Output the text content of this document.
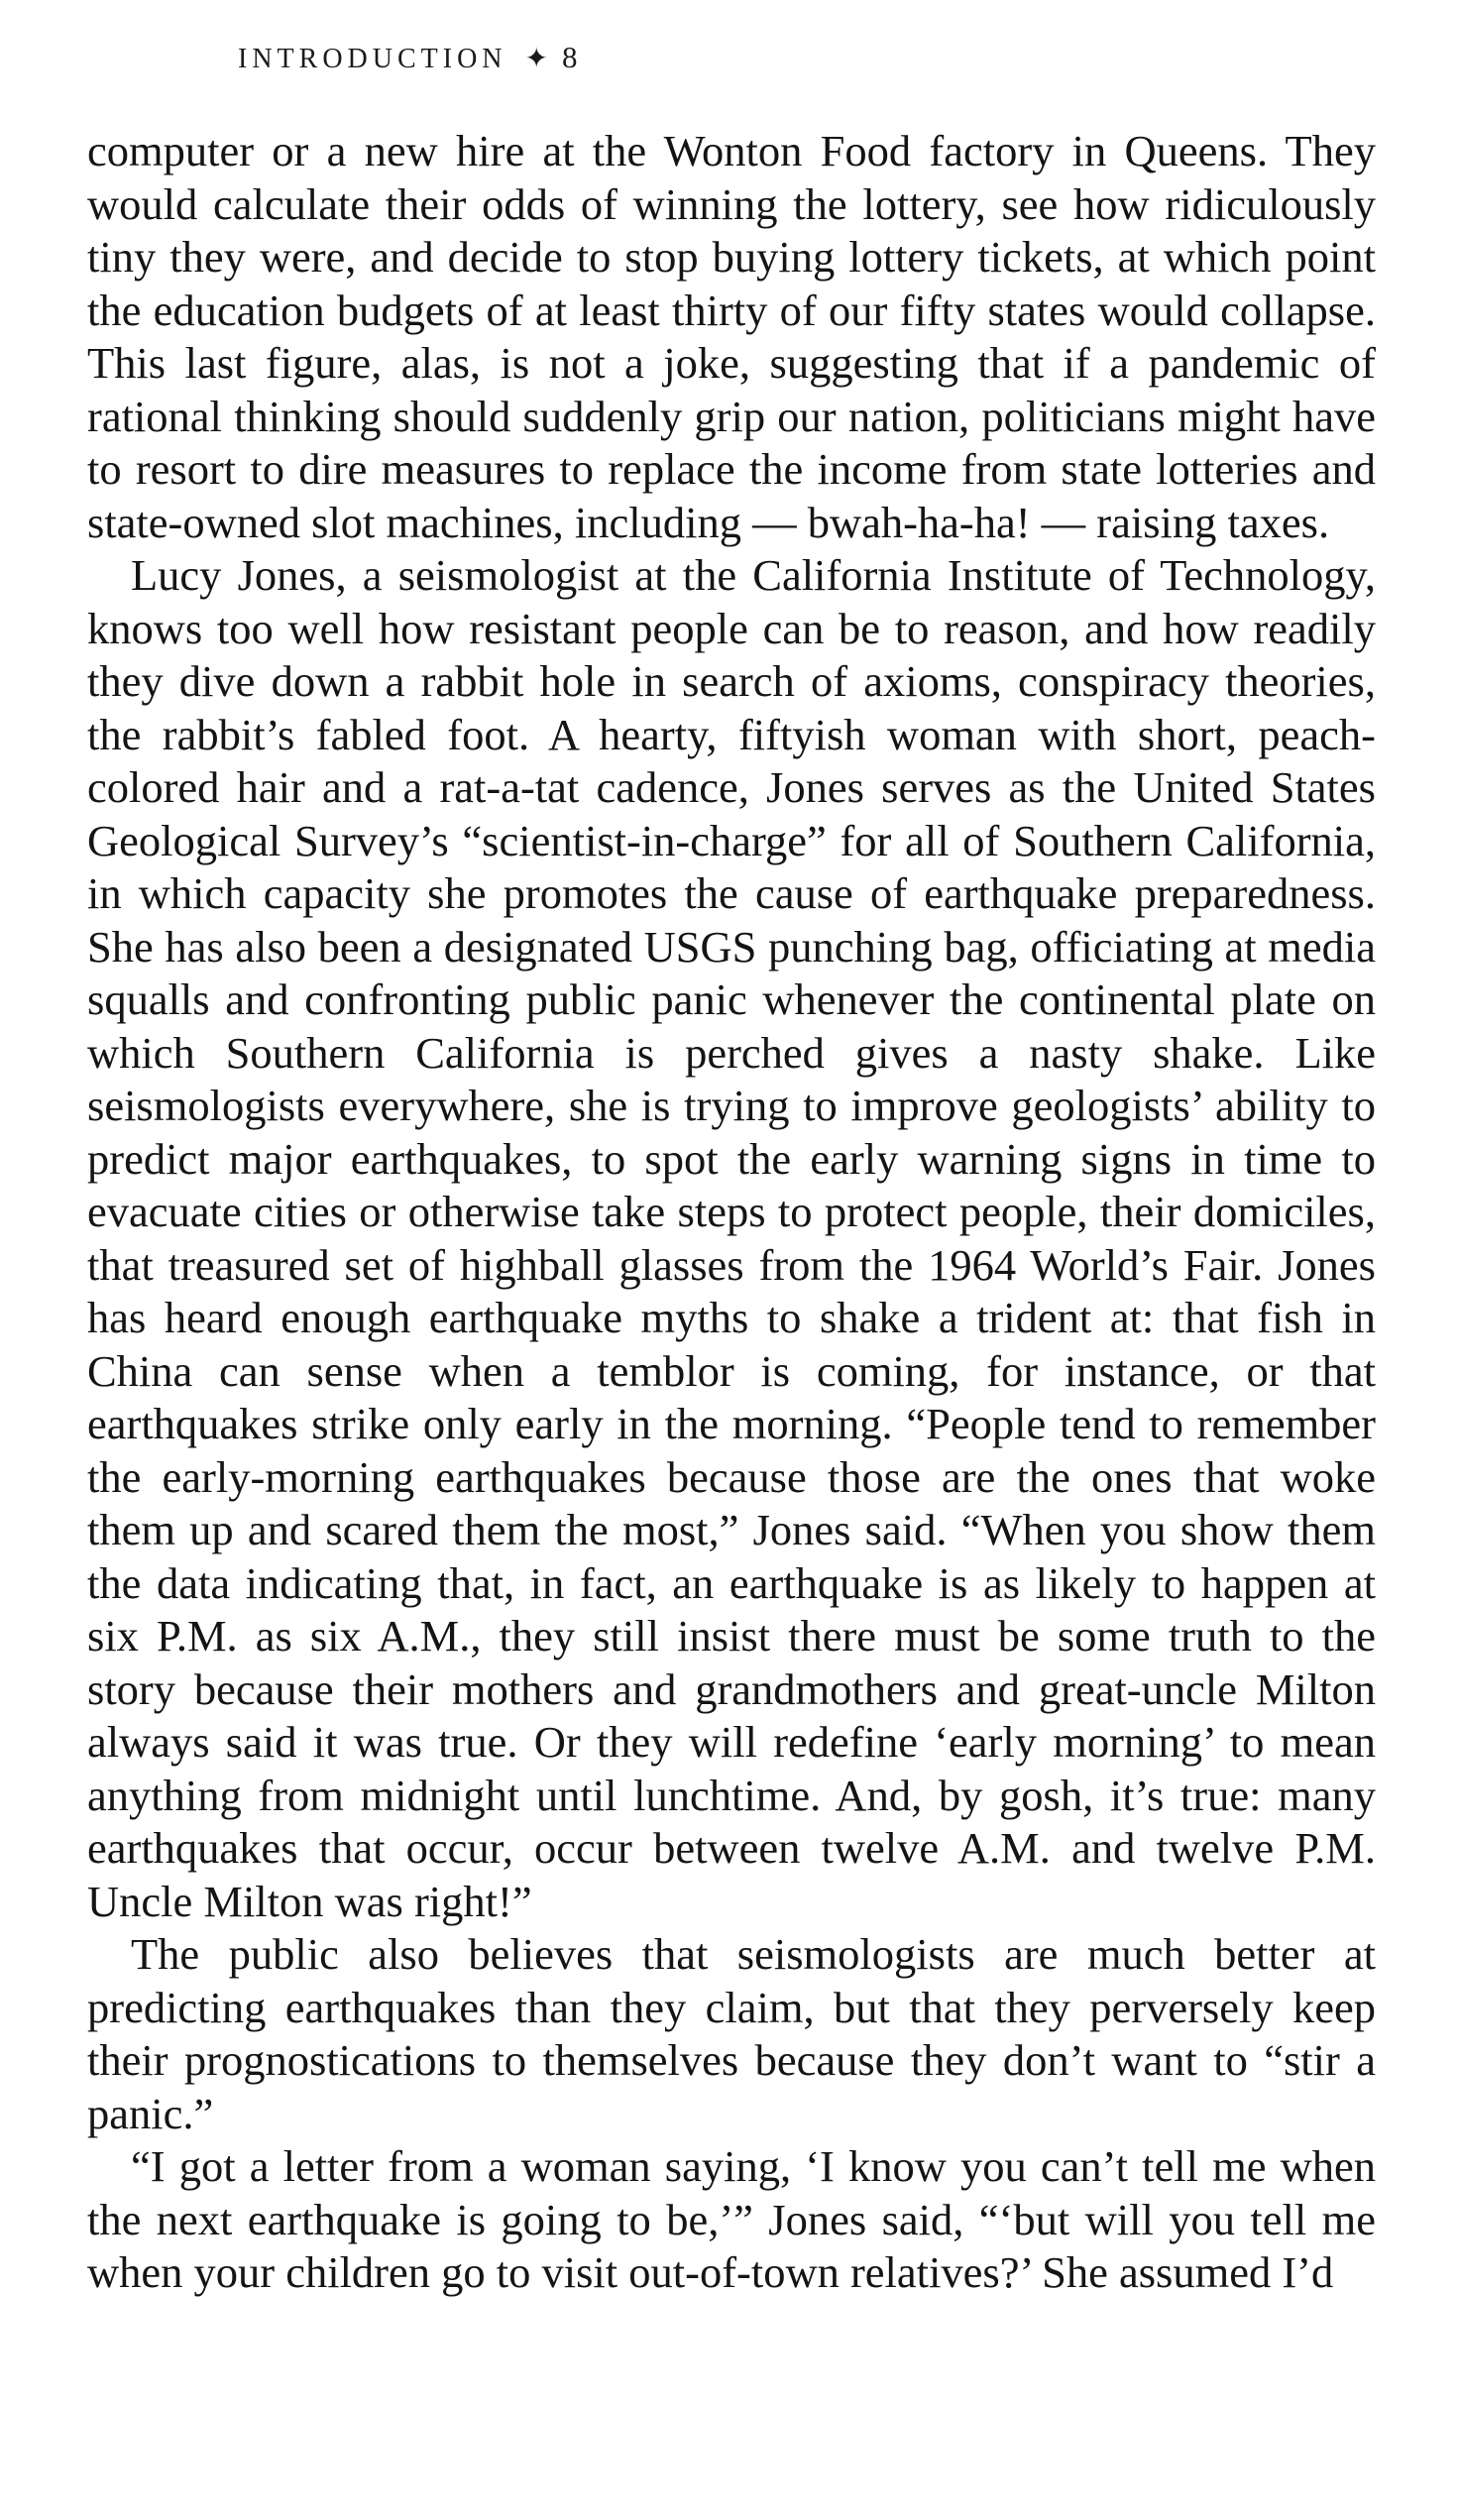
INTRODUCTION ✦ 8

computer or a new hire at the Wonton Food factory in Queens. They would calculate their odds of winning the lottery, see how ridiculously tiny they were, and decide to stop buying lottery tickets, at which point the education budgets of at least thirty of our fifty states would collapse. This last figure, alas, is not a joke, suggesting that if a pandemic of rational thinking should suddenly grip our nation, politicians might have to resort to dire measures to replace the income from state lotteries and state-owned slot machines, including — bwah-ha-ha! — raising taxes.

Lucy Jones, a seismologist at the California Institute of Technology, knows too well how resistant people can be to reason, and how readily they dive down a rabbit hole in search of axioms, conspiracy theories, the rabbit’s fabled foot. A hearty, fiftyish woman with short, peach-colored hair and a rat-a-tat cadence, Jones serves as the United States Geological Survey’s “scientist-in-charge” for all of Southern California, in which capacity she promotes the cause of earthquake preparedness. She has also been a designated USGS punching bag, officiating at media squalls and confronting public panic whenever the continental plate on which Southern California is perched gives a nasty shake. Like seismologists everywhere, she is trying to improve geologists’ ability to predict major earthquakes, to spot the early warning signs in time to evacuate cities or otherwise take steps to protect people, their domiciles, that treasured set of highball glasses from the 1964 World’s Fair. Jones has heard enough earthquake myths to shake a trident at: that fish in China can sense when a temblor is coming, for instance, or that earthquakes strike only early in the morning. “People tend to remember the early-morning earthquakes because those are the ones that woke them up and scared them the most,” Jones said. “When you show them the data indicating that, in fact, an earthquake is as likely to happen at six P.M. as six A.M., they still insist there must be some truth to the story because their mothers and grandmothers and great-uncle Milton always said it was true. Or they will redefine ‘early morning’ to mean anything from midnight until lunchtime. And, by gosh, it’s true: many earthquakes that occur, occur between twelve A.M. and twelve P.M. Uncle Milton was right!”

The public also believes that seismologists are much better at predicting earthquakes than they claim, but that they perversely keep their prognostications to themselves because they don’t want to “stir a panic.”

“I got a letter from a woman saying, ‘I know you can’t tell me when the next earthquake is going to be,’” Jones said, “‘but will you tell me when your children go to visit out-of-town relatives?’ She assumed I’d
